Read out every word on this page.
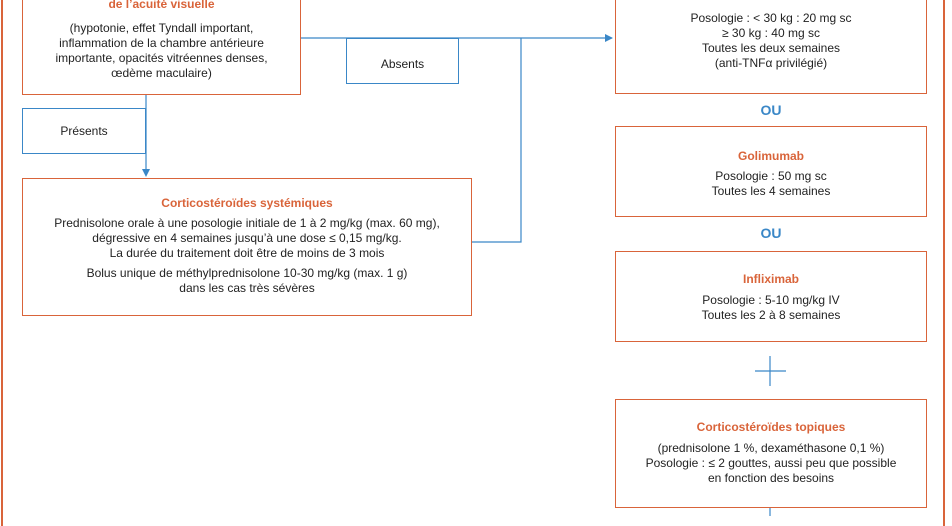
de l’acuité visuelle
(hypotonie, effet Tyndall important,
inflammation de la chambre antérieure
importante, opacités vitréennes denses,
œdème maculaire)
Présents
Absents
Corticostéroïdes systémiques
Prednisolone orale à une posologie initiale de 1 à 2 mg/kg (max. 60 mg),
dégressive en 4 semaines jusqu’à une dose ≤ 0,15 mg/kg.
La durée du traitement doit être de moins de 3 mois
Bolus unique de méthylprednisolone 10-30 mg/kg (max. 1 g)
dans les cas très sévères
Posologie : < 30 kg : 20 mg sc
≥ 30 kg : 40 mg sc
Toutes les deux semaines
(anti-TNFα privilégié)
OU
Golimumab
Posologie : 50 mg sc
Toutes les 4 semaines
OU
Infliximab
Posologie : 5-10 mg/kg IV
Toutes les 2 à 8 semaines
Corticostéroïdes topiques
(prednisolone 1 %, dexaméthasone 0,1 %)
Posologie : ≤ 2 gouttes, aussi peu que possible
en fonction des besoins
